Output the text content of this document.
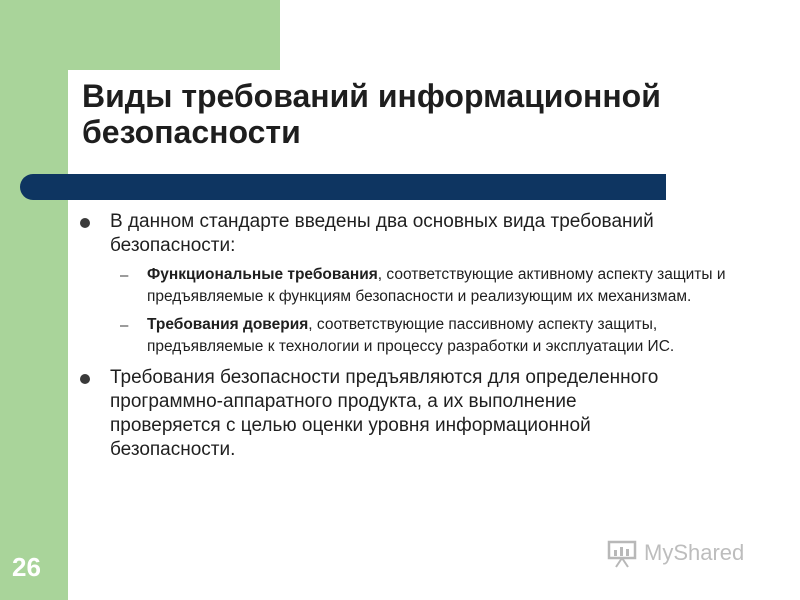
Виды требований информационной безопасности
В данном стандарте введены два основных вида требований безопасности:
– Функциональные требования, соответствующие активному аспекту защиты и предъявляемые к функциям безопасности и реализующим их механизмам.
– Требования доверия, соответствующие пассивному аспекту защиты, предъявляемые к технологии и процессу разработки и эксплуатации ИС.
Требования безопасности предъявляются для определенного программно-аппаратного продукта, а их выполнение проверяется с целью оценки уровня информационной безопасности.
26	MyShared
